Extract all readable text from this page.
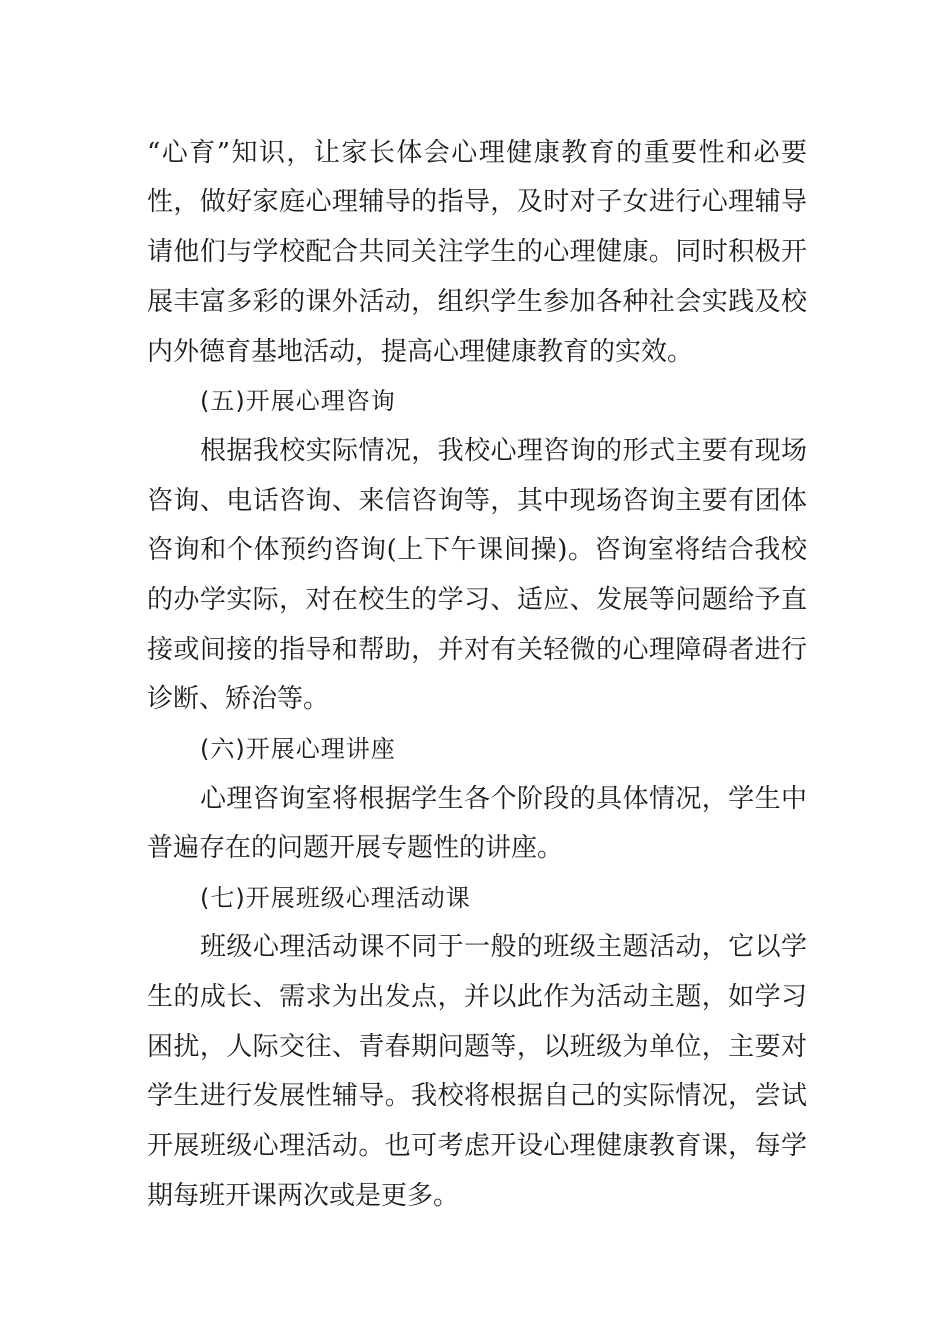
“心育”知识，让家长体会心理健康教育的重要性和必要
性，做好家庭心理辅导的指导，及时对子女进行心理辅导
请他们与学校配合共同关注学生的心理健康。同时积极开
展丰富多彩的课外活动，组织学生参加各种社会实践及校
内外德育基地活动，提高心理健康教育的实效。
(五)开展心理咨询
根据我校实际情况，我校心理咨询的形式主要有现场
咨询、电话咨询、来信咨询等，其中现场咨询主要有团体
咨询和个体预约咨询(上下午课间操)。咨询室将结合我校
的办学实际，对在校生的学习、适应、发展等问题给予直
接或间接的指导和帮助，并对有关轻微的心理障碍者进行
诊断、矫治等。
(六)开展心理讲座
心理咨询室将根据学生各个阶段的具体情况，学生中
普遍存在的问题开展专题性的讲座。
(七)开展班级心理活动课
班级心理活动课不同于一般的班级主题活动，它以学
生的成长、需求为出发点，并以此作为活动主题，如学习
困扰，人际交往、青春期问题等，以班级为单位，主要对
学生进行发展性辅导。我校将根据自己的实际情况，尝试
开展班级心理活动。也可考虑开设心理健康教育课，每学
期每班开课两次或是更多。
